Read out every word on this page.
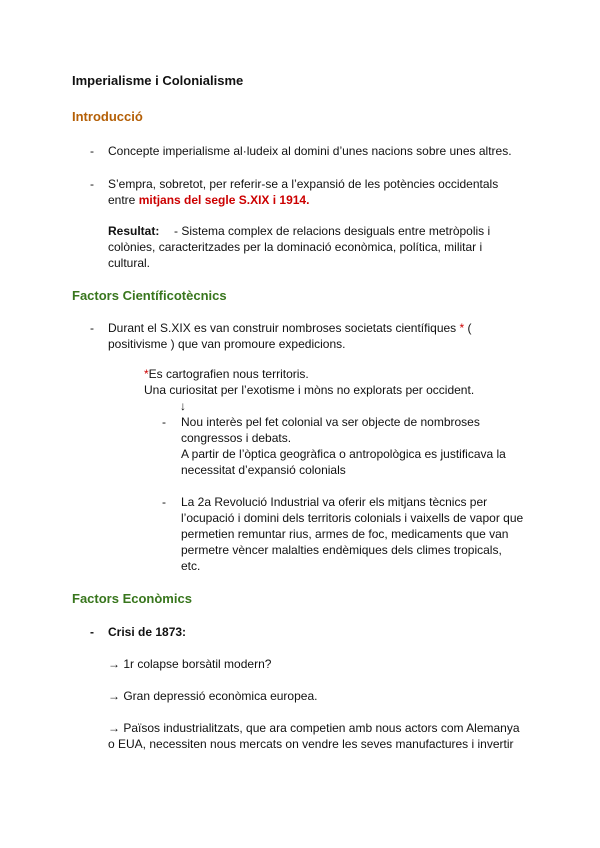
Imperialisme i Colonialisme
Introducció
- Concepte imperialisme al·ludeix al domini d’unes nacions sobre unes altres.
- S’empra, sobretot, per referir-se a l’expansió de les potències occidentals
entre mitjans del segle S.XIX i 1914.
Resultat: - Sistema complex de relacions desiguals entre metròpolis i
colònies, caracteritzades per la dominació econòmica, política, militar i
cultural.
Factors Científicotècnics
- Durant el S.XIX es van construir nombroses societats científiques * (
positivisme ) que van promoure expedicions.
*Es cartografien nous territoris.
Una curiositat per l’exotisme i mòns no explorats per occident.
↓
- Nou interès pel fet colonial va ser objecte de nombroses
congressos i debats.
A partir de l’òptica geogràfica o antropològica es justificava la
necessitat d’expansió colonials
- La 2a Revolució Industrial va oferir els mitjans tècnics per
l’ocupació i domini dels territoris colonials i vaixells de vapor que
permetien remuntar rius, armes de foc, medicaments que van
permetre vèncer malalties endèmiques dels climes tropicals,
etc.
Factors Econòmics
- Crisi de 1873:
→ 1r colapse borsàtil modern?
→ Gran depressió econòmica europea.
→ Països industrialitzats, que ara competien amb nous actors com Alemanya
o EUA, necessiten nous mercats on vendre les seves manufactures i invertir
